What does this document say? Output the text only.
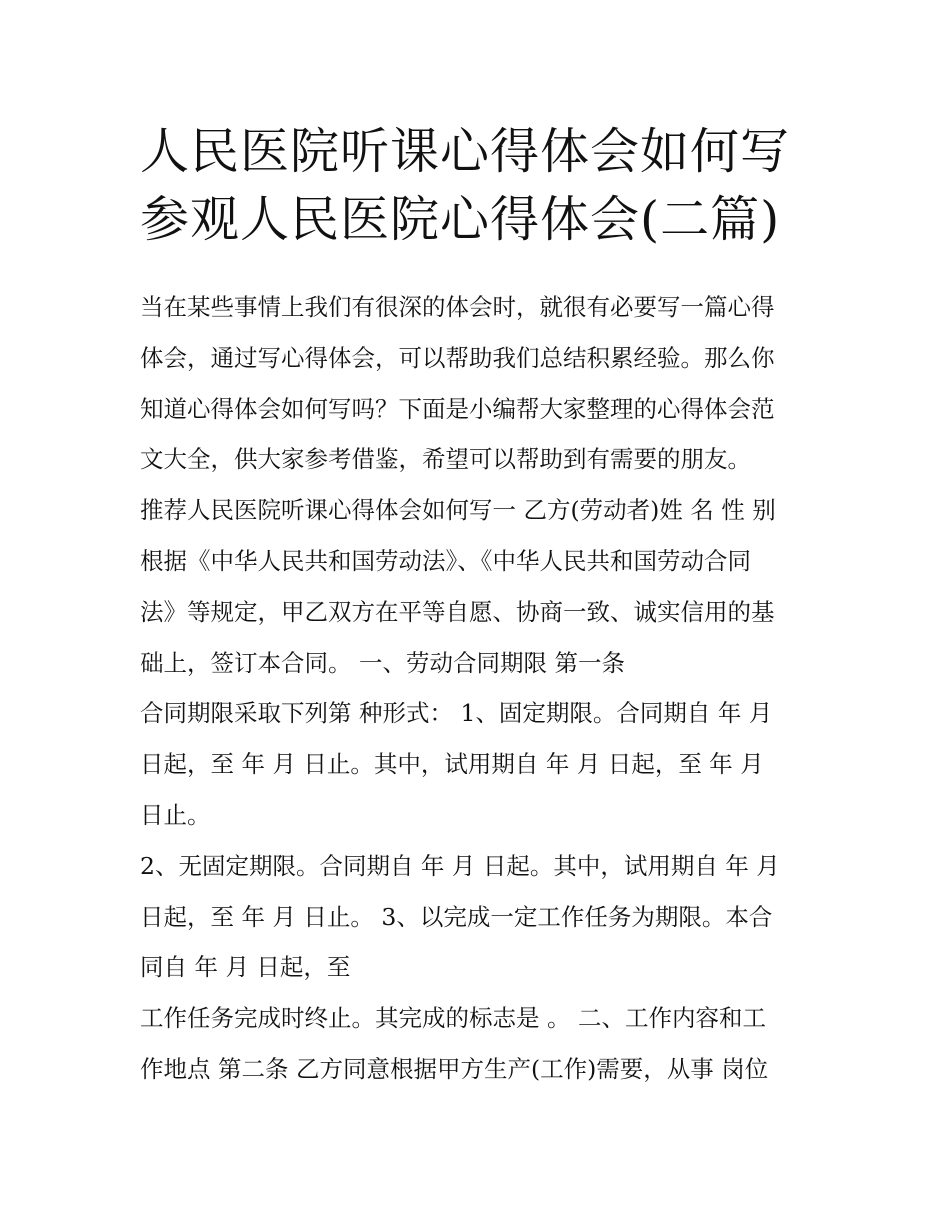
人民医院听课心得体会如何写
参观人民医院心得体会(二篇)
当在某些事情上我们有很深的体会时，就很有必要写一篇心得
体会，通过写心得体会，可以帮助我们总结积累经验。那么你
知道心得体会如何写吗？下面是小编帮大家整理的心得体会范
文大全，供大家参考借鉴，希望可以帮助到有需要的朋友。
推荐人民医院听课心得体会如何写一 乙方(劳动者)姓 名 性 别
根据《中华人民共和国劳动法》、《中华人民共和国劳动合同
法》等规定，甲乙双方在平等自愿、协商一致、诚实信用的基
础上，签订本合同。 一、劳动合同期限 第一条
合同期限采取下列第 种形式： 1、固定期限。合同期自 年 月
日起，至 年 月 日止。其中，试用期自 年 月 日起，至 年 月
日止。
2、无固定期限。合同期自 年 月 日起。其中，试用期自 年 月
日起，至 年 月 日止。 3、以完成一定工作任务为期限。本合
同自 年 月 日起，至
工作任务完成时终止。其完成的标志是 。 二、工作内容和工
作地点 第二条 乙方同意根据甲方生产(工作)需要，从事 岗位
